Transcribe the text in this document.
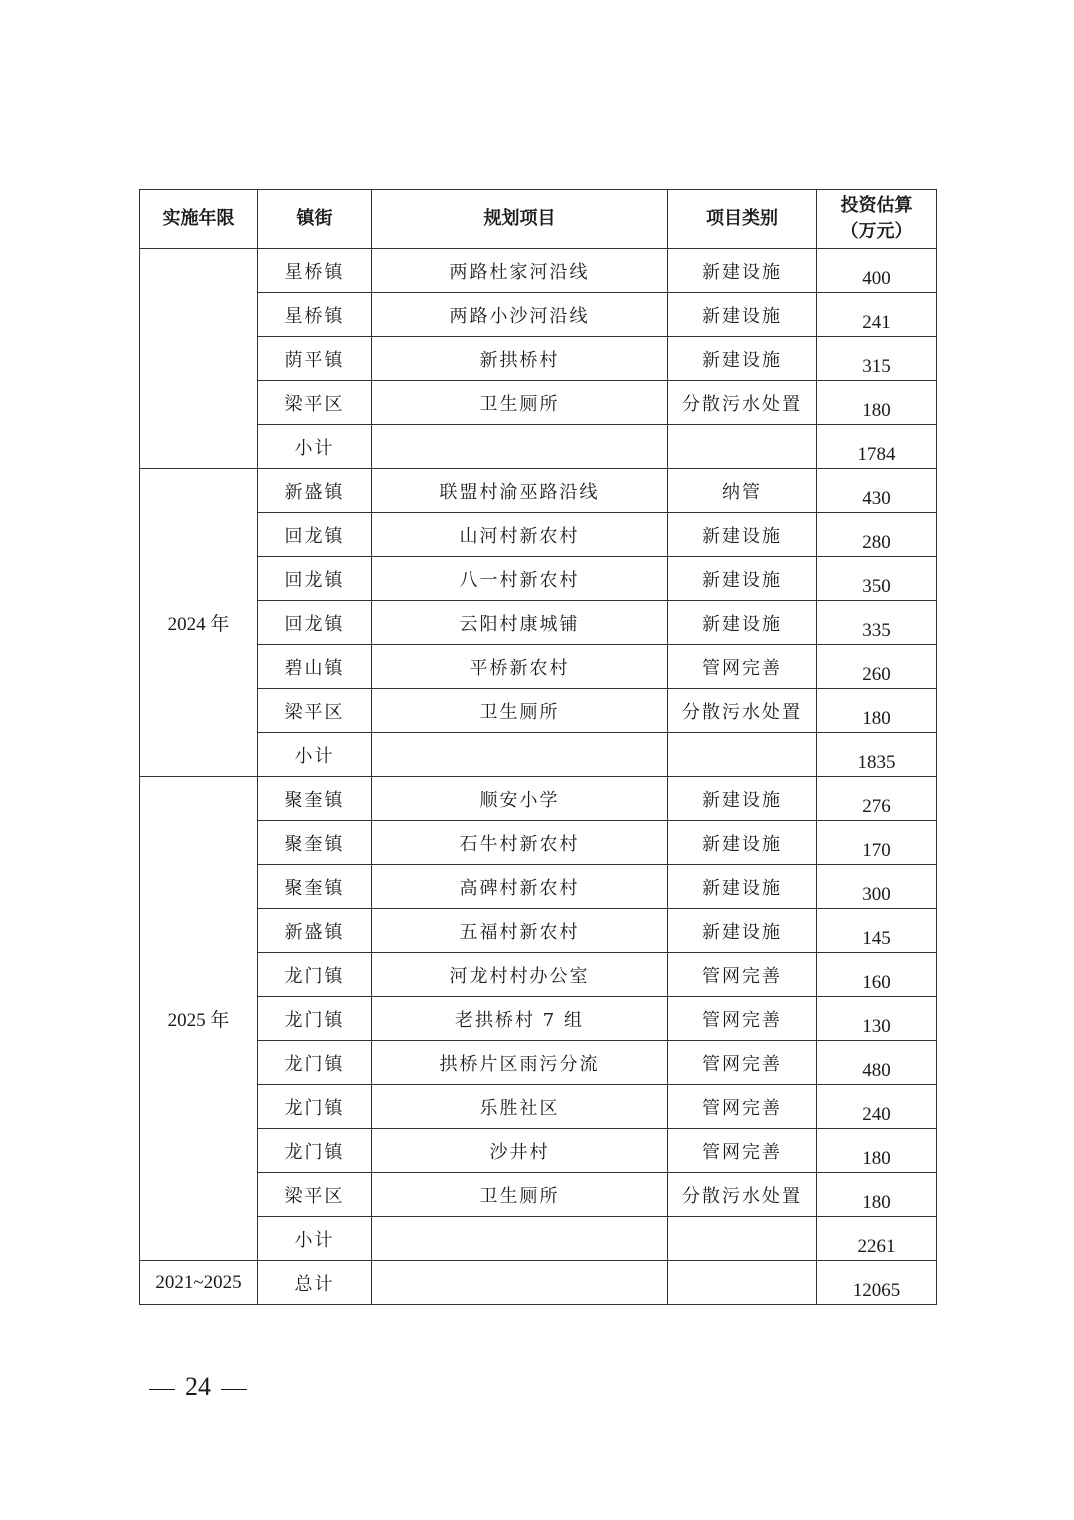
实施年限	镇街	规划项目	项目类别	投资估算
（万元）

	星桥镇	两路杜家河沿线	新建设施	400
	星桥镇	两路小沙河沿线	新建设施	241
	荫平镇	新拱桥村	新建设施	315
	梁平区	卫生厕所	分散污水处置	180
	小计			1784
2024 年	新盛镇	联盟村渝巫路沿线	纳管	430
	回龙镇	山河村新农村	新建设施	280
	回龙镇	八一村新农村	新建设施	350
	回龙镇	云阳村康城铺	新建设施	335
	碧山镇	平桥新农村	管网完善	260
	梁平区	卫生厕所	分散污水处置	180
	小计			1835
2025 年	聚奎镇	顺安小学	新建设施	276
	聚奎镇	石牛村新农村	新建设施	170
	聚奎镇	高碑村新农村	新建设施	300
	新盛镇	五福村新农村	新建设施	145
	龙门镇	河龙村村办公室	管网完善	160
	龙门镇	老拱桥村 7 组	管网完善	130
	龙门镇	拱桥片区雨污分流	管网完善	480
	龙门镇	乐胜社区	管网完善	240
	龙门镇	沙井村	管网完善	180
	梁平区	卫生厕所	分散污水处置	180
	小计			2261
2021~2025	总计			12065
24
